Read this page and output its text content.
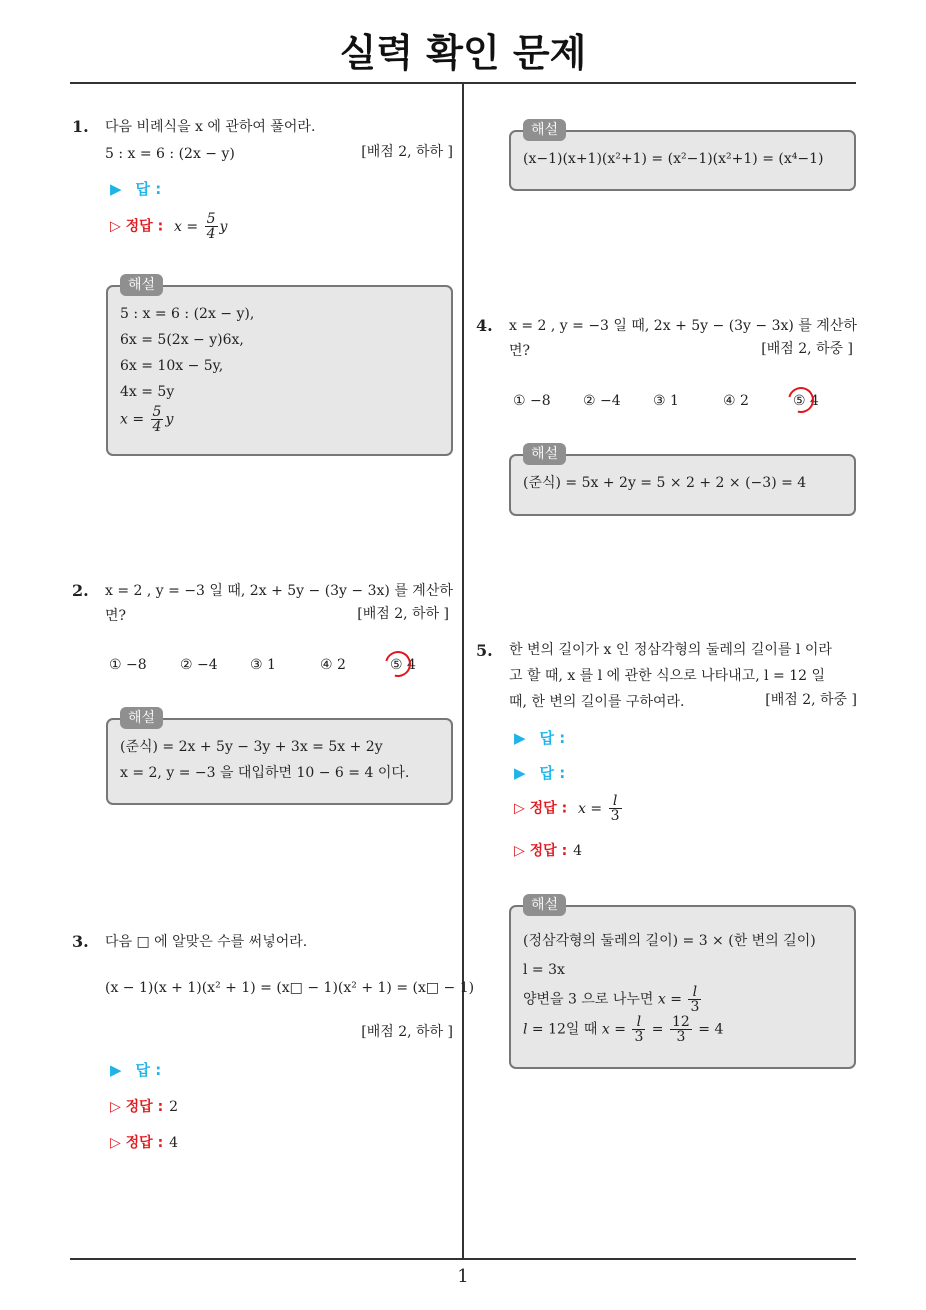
실력 확인 문제
1
1. 다음 비례식을 x 에 관하여 풀어라.
5 : x = 6 : (2x − y)	[배점 2, 하하 ]
▶ 답 :
▷ 정답 : $x = \frac{5}{4}$ y
해설
5 : x = 6 : (2x − y),
6x = 5(2x − y)6x,
6x = 10x − 5y,
4x = 5y
$x = \frac{5}{4}$ y
2. x = 2 , y = −3 일 때, 2x + 5y − (3y − 3x) 를 계산하
면?	[배점 2, 하하 ]
① −8 ② −4 ③ 1	④ 2	⑤ 4
해설
(준식) = 2x + 5y − 3y + 3x = 5x + 2y
x = 2, y = −3 을 대입하면 10 − 6 = 4 이다.
3. 다음 □ 에 알맞은 수를 써넣어라.
(x − 1)(x + 1)(x² + 1) = (x□ − 1)(x² + 1) = (x□ − 1)
[배점 2, 하하 ]
▶ 답 :
▷ 정답 : 2
▷ 정답 : 4
해설
(x−1)(x+1)(x²+1) = (x²−1)(x²+1) = (x⁴−1)
4. x = 2 , y = −3 일 때, 2x + 5y − (3y − 3x) 를 계산하
면?	[배점 2, 하중 ]
① −8 ② −4 ③ 1	④ 2	⑤ 4
해설
(준식) = 5x + 2y = 5 × 2 + 2 × (−3) = 4
5. 한 변의 길이가 x 인 정삼각형의 둘레의 길이를 l 이라
고 할 때, x 를 l 에 관한 식으로 나타내고, l = 12 일
때, 한 변의 길이를 구하여라.	[배점 2, 하중 ]
▶ 답 :
▶ 답 :
▷ 정답 : $x = \frac{l}{3}$
▷ 정답 : 4
해설
(정삼각형의 둘레의 길이) = 3 × (한 변의 길이)
l = 3x
양변을 3 으로 나누면 $x = \frac{l}{3}$
l = 12일 때 $x = \frac{l}{3} = \frac{12}{3} = 4$
